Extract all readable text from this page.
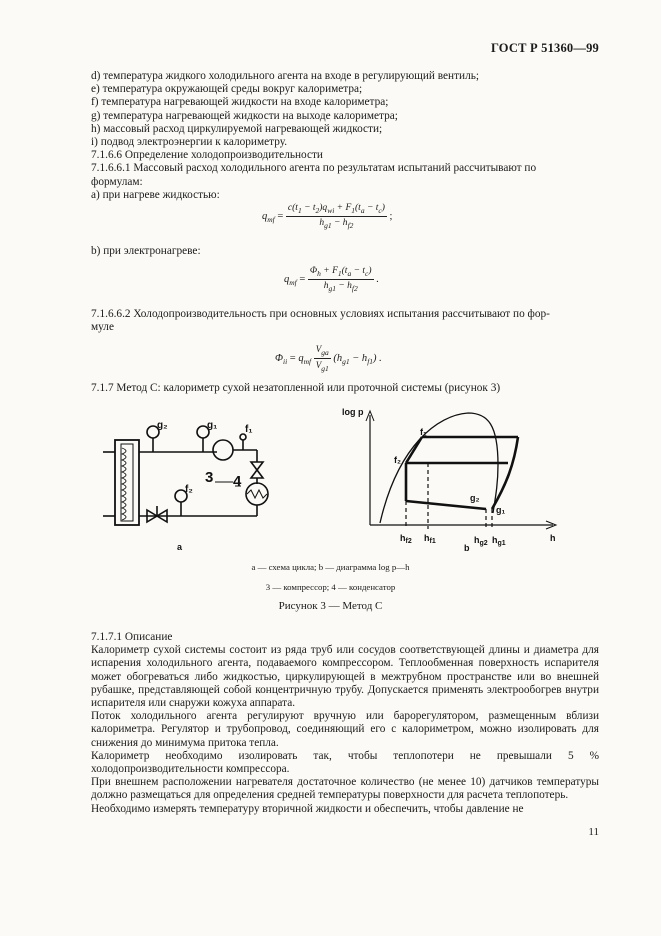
ГОСТ Р 51360—99

d) температура жидкого холодильного агента на входе в регулирующий вентиль;

e) температура окружающей среды вокруг калориметра;

f) температура нагревающей жидкости на входе калориметра;

g) температура нагревающей жидкости на выходе калориметра;

h) массовый расход циркулируемой нагревающей жидкости;

i) подвод электроэнергии к калориметру.

7.1.6.6 Определение холодопроизводительности

7.1.6.6.1 Массовый расход холодильного агента по результатам испытаний рассчитывают по

формулам:

а) при нагреве жидкостью:

$q_{mf} = \frac{c(t_1 - t_2)q_{wi} + F_1(t_a - t_c)}{h_{g1} - h_{f2}}$ ;

b) при электронагреве:

$q_{mf} = \frac{\Phi_h + F_1(t_a - t_c)}{h_{g1} - h_{f2}}$ .

7.1.6.6.2 Холодопроизводительность при основных условиях испытания рассчитывают по фор-

муле

$\Phi_{ii} = q_{mf} \frac{V_{ga}}{V_{g1}} (h_{g1} - h_{f1})$ .

7.1.7 Метод С: калориметр сухой незатопленной или проточной системы (рисунок 3)

g₂	g₁	f₁
f₂
3 4
a
log p
h
f₁
f₂
g₂
g₁
$h_{f2}$ $h_{f1}$	$h_{g2}$ $h_{g1}$
b
a — схема цикла; b — диаграмма log p—h
3 — компрессор; 4 — конденсатор
Рисунок 3 — Метод С

7.1.7.1 Описание

Калориметр сухой системы состоит из ряда труб или сосудов соответствующей длины и диаметра для испарения холодильного агента, подаваемого компрессором. Теплообменная поверхность испарителя может обогреваться либо жидкостью, циркулирующей в межтрубном пространстве или во внешней рубашке, представляющей собой концентричную трубу. Допускается применять электрообогрев внутри испарителя или снаружи кожуха аппарата.

Поток холодильного агента регулируют вручную или барорегулятором, размещенным вблизи калориметра. Регулятор и трубопровод, соединяющий его с калориметром, можно изолировать для снижения до минимума притока тепла.

Калориметр необходимо изолировать так, чтобы теплопотери не превышали 5 % холодопроизводительности компрессора.

При внешнем расположении нагревателя достаточное количество (не менее 10) датчиков температуры должно размещаться для определения средней температуры поверхности для расчета теплопотерь.

Необходимо измерять температуру вторичной жидкости и обеспечить, чтобы давление не

11
